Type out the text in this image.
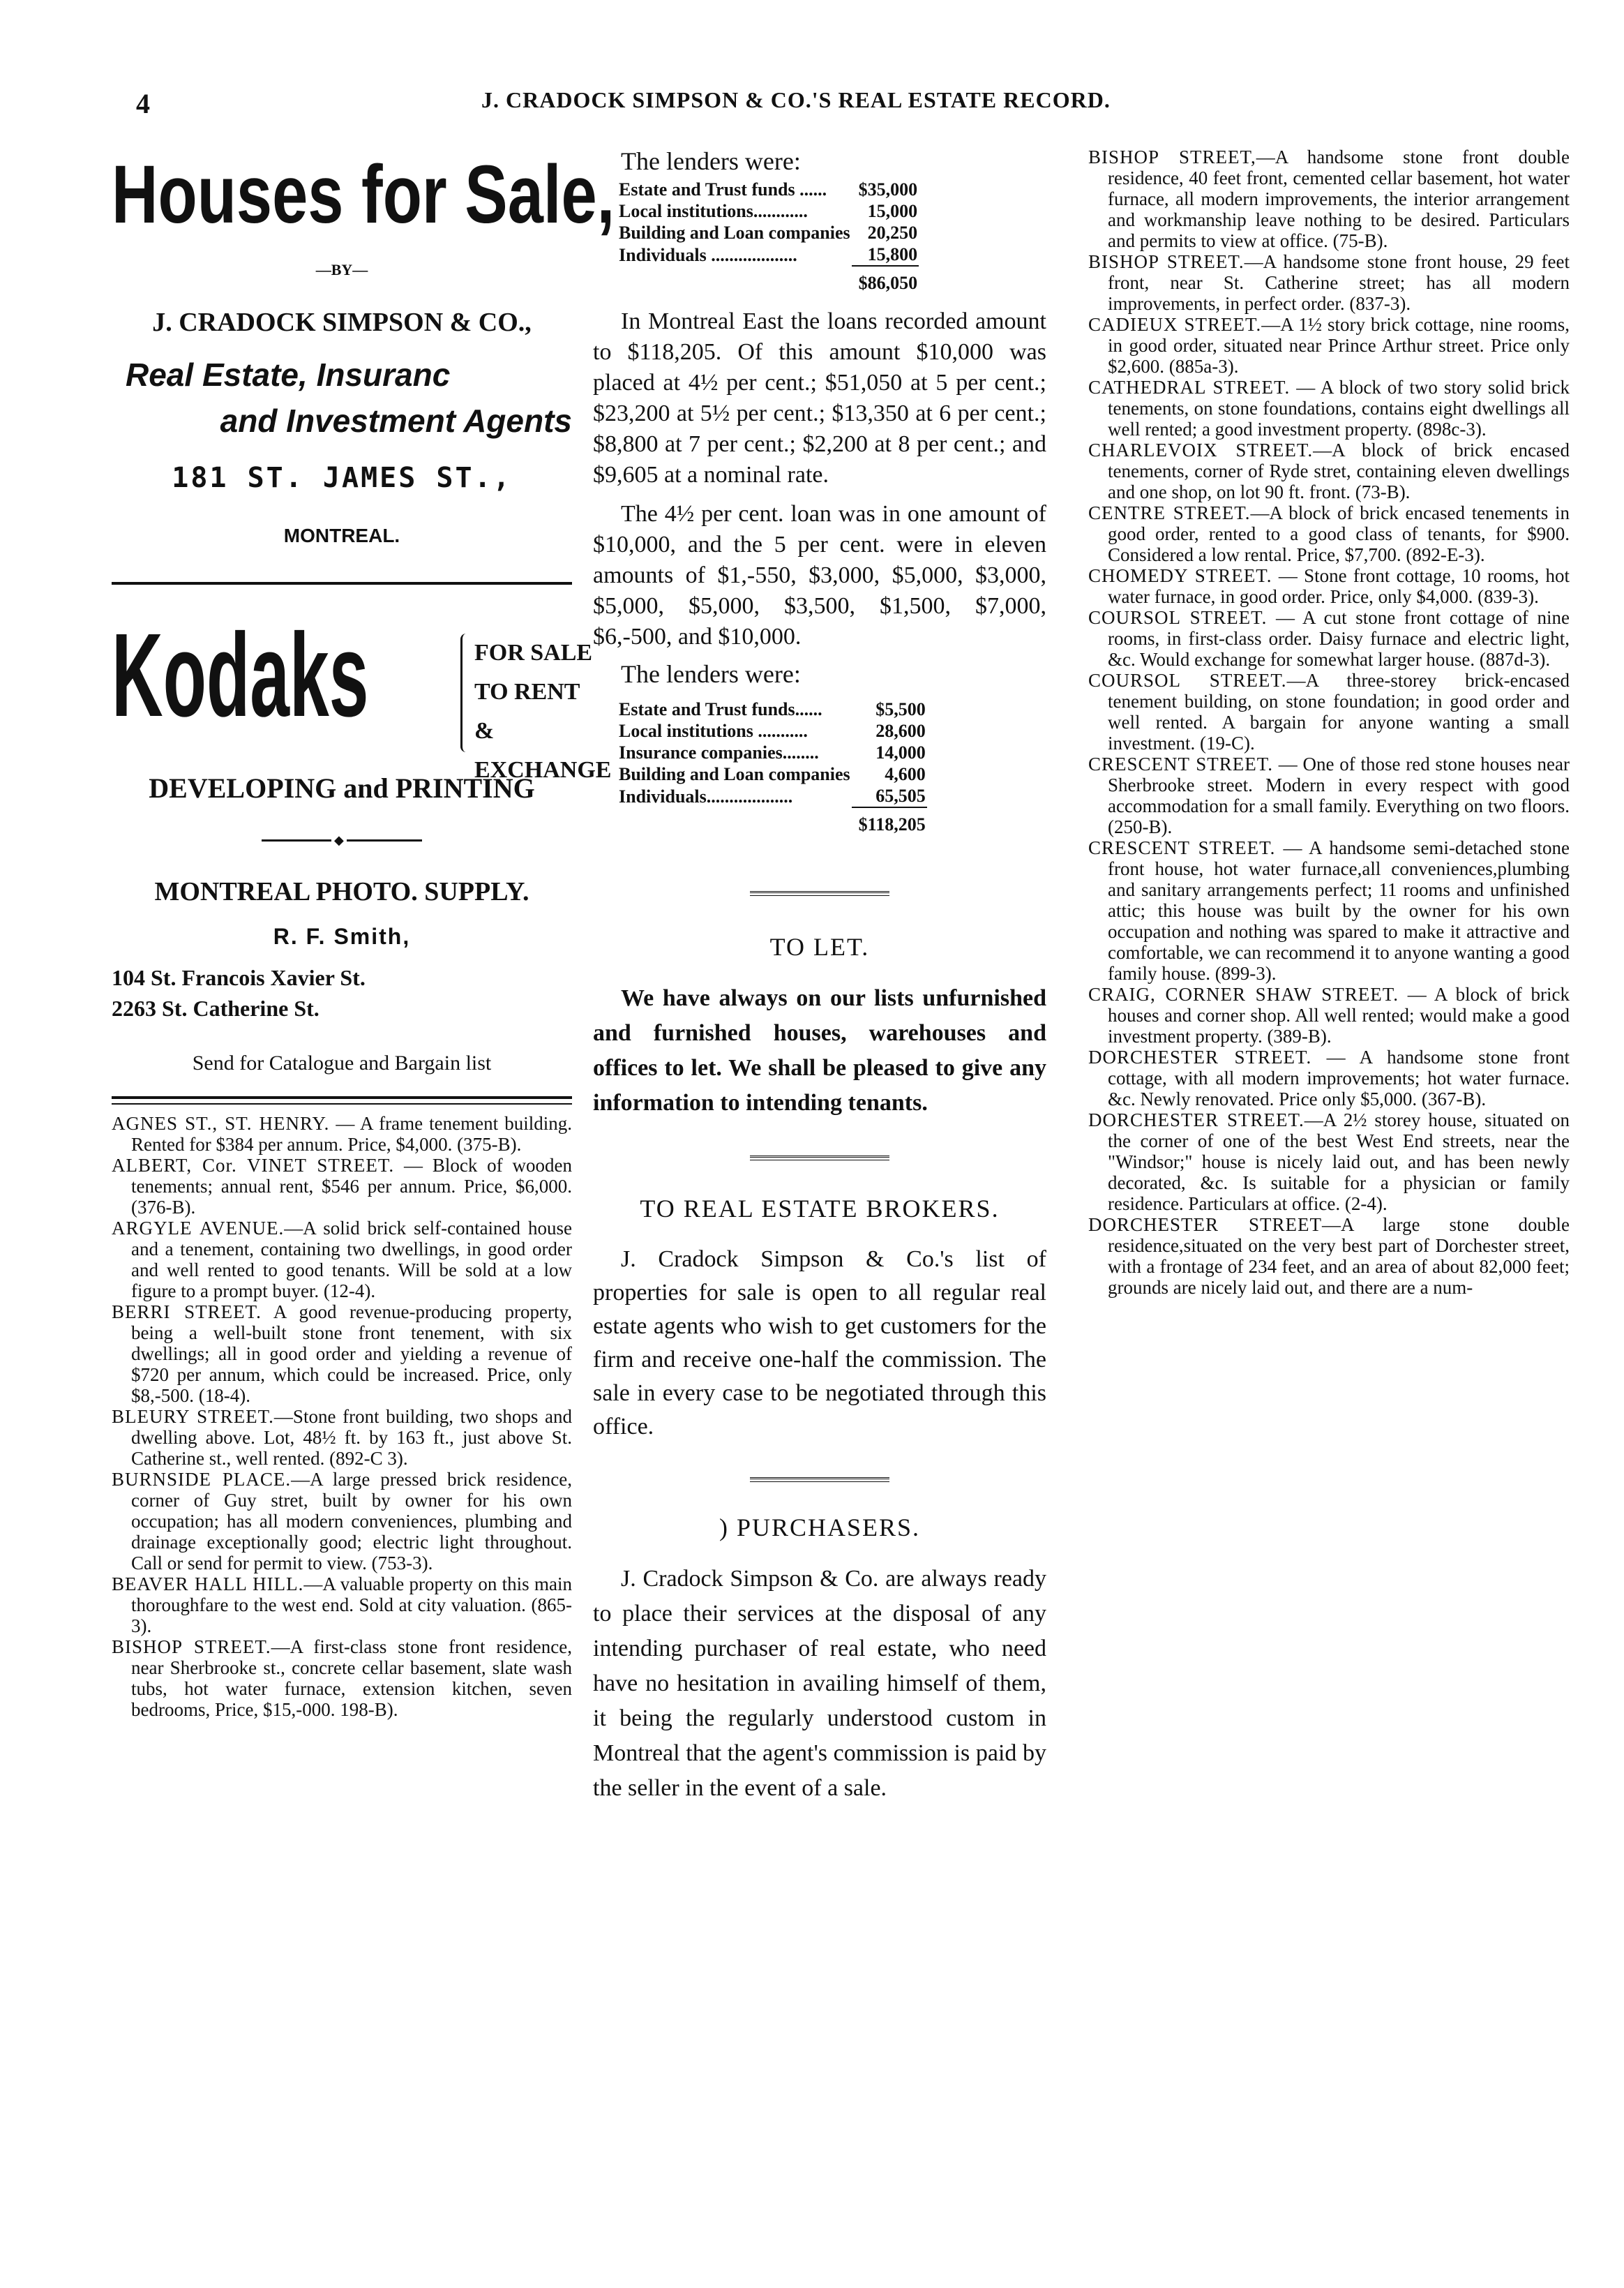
4	J. CRADOCK SIMPSON & CO.'S REAL ESTATE RECORD.
Houses for Sale,
—BY—
J. CRADOCK SIMPSON & CO.,
Real Estate, Insuranc
and Investment Agents
181 ST. JAMES ST.,
MONTREAL.
Kodaks	FOR SALE
TO RENT
& EXCHANGE
DEVELOPING and PRINTING
◆
MONTREAL PHOTO. SUPPLY.
R. F. Smith,
104 St. Francois Xavier St.
2263 St. Catherine St.
Send for Catalogue and Bargain list

AGNES ST., ST. HENRY. — A frame tenement building. Rented for $384 per annum. Price, $4,000. (375-B).

ALBERT, Cor. VINET STREET. — Block of wooden tenements; annual rent, $546 per annum. Price, $6,000. (376-B).

ARGYLE AVENUE.—A solid brick self-contained house and a tenement, containing two dwellings, in good order and well rented to good tenants. Will be sold at a low figure to a prompt buyer. (12-4).

BERRI STREET. A good revenue-producing property, being a well-built stone front tenement, with six dwellings; all in good order and yielding a revenue of $720 per annum, which could be increased. Price, only $8,-500. (18-4).

BLEURY STREET.—Stone front building, two shops and dwelling above. Lot, 48½ ft. by 163 ft., just above St. Catherine st., well rented. (892-C 3).

BURNSIDE PLACE.—A large pressed brick residence, corner of Guy stret, built by owner for his own occupation; has all modern conveniences, plumbing and drainage exceptionally good; electric light throughout. Call or send for permit to view. (753-3).

BEAVER HALL HILL.—A valuable property on this main thoroughfare to the west end. Sold at city valuation. (865-3).

BISHOP STREET.—A first-class stone front residence, near Sherbrooke st., concrete cellar basement, slate wash tubs, hot water furnace, extension kitchen, seven bedrooms, Price, $15,-000. 198-B).

The lenders were:
Estate and Trust funds ......	$35,000
Local institutions............	15,000
Building and Loan companies	20,250
Individuals ...................	15,800
	$86,050

In Montreal East the loans recorded amount to $118,205. Of this amount $10,000 was placed at 4½ per cent.; $51,050 at 5 per cent.; $23,200 at 5½ per cent.; $13,350 at 6 per cent.; $8,800 at 7 per cent.; $2,200 at 8 per cent.; and $9,605 at a nominal rate.

The 4½ per cent. loan was in one amount of $10,000, and the 5 per cent. were in eleven amounts of $1,-550, $3,000, $5,000, $3,000, $5,000, $5,000, $3,500, $1,500, $7,000, $6,-500, and $10,000.

The lenders were:
Estate and Trust funds......	$5,500
Local institutions ...........	28,600
Insurance companies........	14,000
Building and Loan companies	4,600
Individuals...................	65,505
	$118,205
TO LET.

We have always on our lists unfurnished and furnished houses, warehouses and offices to let. We shall be pleased to give any information to intending tenants.

TO REAL ESTATE BROKERS.

J. Cradock Simpson & Co.'s list of properties for sale is open to all regular real estate agents who wish to get customers for the firm and receive one-half the commission. The sale in every case to be negotiated through this office.

) PURCHASERS.

J. Cradock Simpson & Co. are always ready to place their services at the disposal of any intending purchaser of real estate, who need have no hesitation in availing himself of them, it being the regularly understood custom in Montreal that the agent's commission is paid by the seller in the event of a sale.

BISHOP STREET,—A handsome stone front double residence, 40 feet front, cemented cellar basement, hot water furnace, all modern improvements, the interior arrangement and workmanship leave nothing to be desired. Particulars and permits to view at office. (75-B).

BISHOP STREET.—A handsome stone front house, 29 feet front, near St. Catherine street; has all modern improvements, in perfect order. (837-3).

CADIEUX STREET.—A 1½ story brick cottage, nine rooms, in good order, situated near Prince Arthur street. Price only $2,600. (885a-3).

CATHEDRAL STREET. — A block of two story solid brick tenements, on stone foundations, contains eight dwellings all well rented; a good investment property. (898c-3).

CHARLEVOIX STREET.—A block of brick encased tenements, corner of Ryde stret, containing eleven dwellings and one shop, on lot 90 ft. front. (73-B).

CENTRE STREET.—A block of brick encased tenements in good order, rented to a good class of tenants, for $900. Considered a low rental. Price, $7,700. (892-E-3).

CHOMEDY STREET. — Stone front cottage, 10 rooms, hot water furnace, in good order. Price, only $4,000. (839-3).

COURSOL STREET. — A cut stone front cottage of nine rooms, in first-class order. Daisy furnace and electric light, &c. Would exchange for somewhat larger house. (887d-3).

COURSOL STREET.—A three-storey brick-encased tenement building, on stone foundation; in good order and well rented. A bargain for anyone wanting a small investment. (19-C).

CRESCENT STREET. — One of those red stone houses near Sherbrooke street. Modern in every respect with good accommodation for a small family. Everything on two floors. (250-B).

CRESCENT STREET. — A handsome semi-detached stone front house, hot water furnace,all conveniences,plumbing and sanitary arrangements perfect; 11 rooms and unfinished attic; this house was built by the owner for his own occupation and nothing was spared to make it attractive and comfortable, we can recommend it to anyone wanting a good family house. (899-3).

CRAIG, CORNER SHAW STREET. — A block of brick houses and corner shop. All well rented; would make a good investment property. (389-B).

DORCHESTER STREET. — A handsome stone front cottage, with all modern improvements; hot water furnace. &c. Newly renovated. Price only $5,000. (367-B).

DORCHESTER STREET.—A 2½ storey house, situated on the corner of one of the best West End streets, near the "Windsor;" house is nicely laid out, and has been newly decorated, &c. Is suitable for a physician or family residence. Particulars at office. (2-4).

DORCHESTER STREET—A large stone double residence,situated on the very best part of Dorchester street, with a frontage of 234 feet, and an area of about 82,000 feet; grounds are nicely laid out, and there are a num-
